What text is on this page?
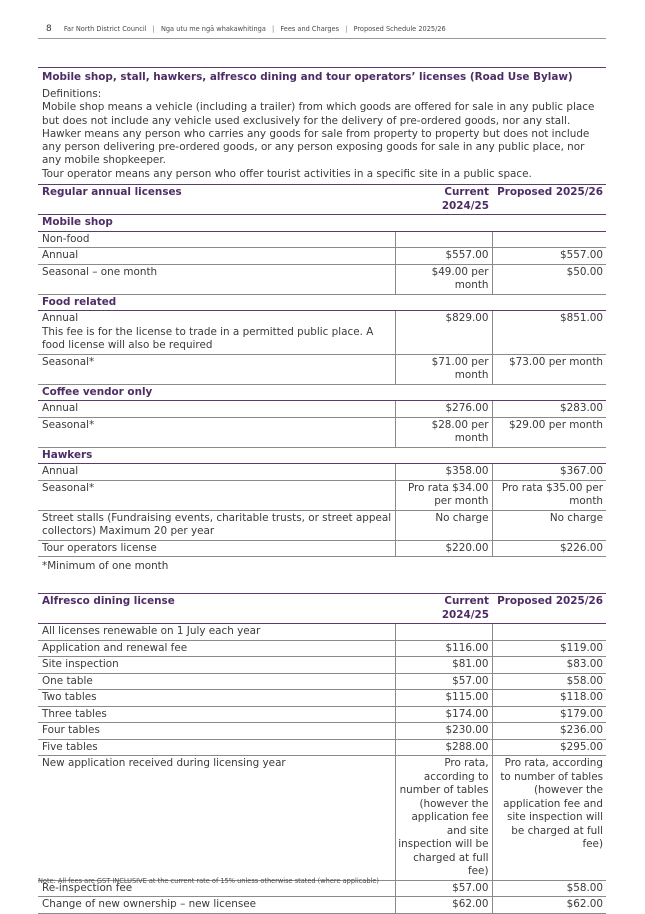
8 Far North District Council | Nga utu me ngā whakawhitinga | Fees and Charges | Proposed Schedule 2025/26
Mobile shop, stall, hawkers, alfresco dining and tour operators’ licenses (Road Use Bylaw)

Definitions:

Mobile shop means a vehicle (including a trailer) from which goods are offered for sale in any public place but does not include any vehicle used exclusively for the delivery of pre-ordered goods, nor any stall.

Hawker means any person who carries any goods for sale from property to property but does not include any person delivering pre-ordered goods, or any person exposing goods for sale in any public place, nor any mobile shopkeeper.

Tour operator means any person who offer tourist activities in a specific site in a public space.

Regular annual licenses	Current 2024/25	Proposed 2025/26
Mobile shop		

Non-food		

Annual	$557.00	$557.00

Seasonal – one month	$49.00 per month	$50.00
Food related		

Annual
This fee is for the license to trade in a permitted public place. A food license will also be required	$829.00	$851.00

Seasonal*	$71.00 per month	$73.00 per month
Coffee vendor only		

Annual	$276.00	$283.00

Seasonal*	$28.00 per month	$29.00 per month
Hawkers		

Annual	$358.00	$367.00

Seasonal*	Pro rata $34.00 per month	Pro rata $35.00 per month

Street stalls (Fundraising events, charitable trusts, or street appeal collectors) Maximum 20 per year	No charge	No charge

Tour operators license	$220.00	$226.00
*Minimum of one month
Alfresco dining license	Current 2024/25	Proposed 2025/26

All licenses renewable on 1 July each year		

Application and renewal fee	$116.00	$119.00

Site inspection	$81.00	$83.00

One table	$57.00	$58.00

Two tables	$115.00	$118.00

Three tables	$174.00	$179.00

Four tables	$230.00	$236.00

Five tables	$288.00	$295.00

New application received during licensing year	Pro rata, according to number of tables (however the application fee and site inspection will be charged at full fee)	Pro rata, according to number of tables (however the application fee and site inspection will be charged at full fee)

Re-inspection fee	$57.00	$58.00

Change of new ownership – new licensee	$62.00	$62.00
Note: All fees are GST INCLUSIVE at the current rate of 15% unless otherwise stated (where applicable)
